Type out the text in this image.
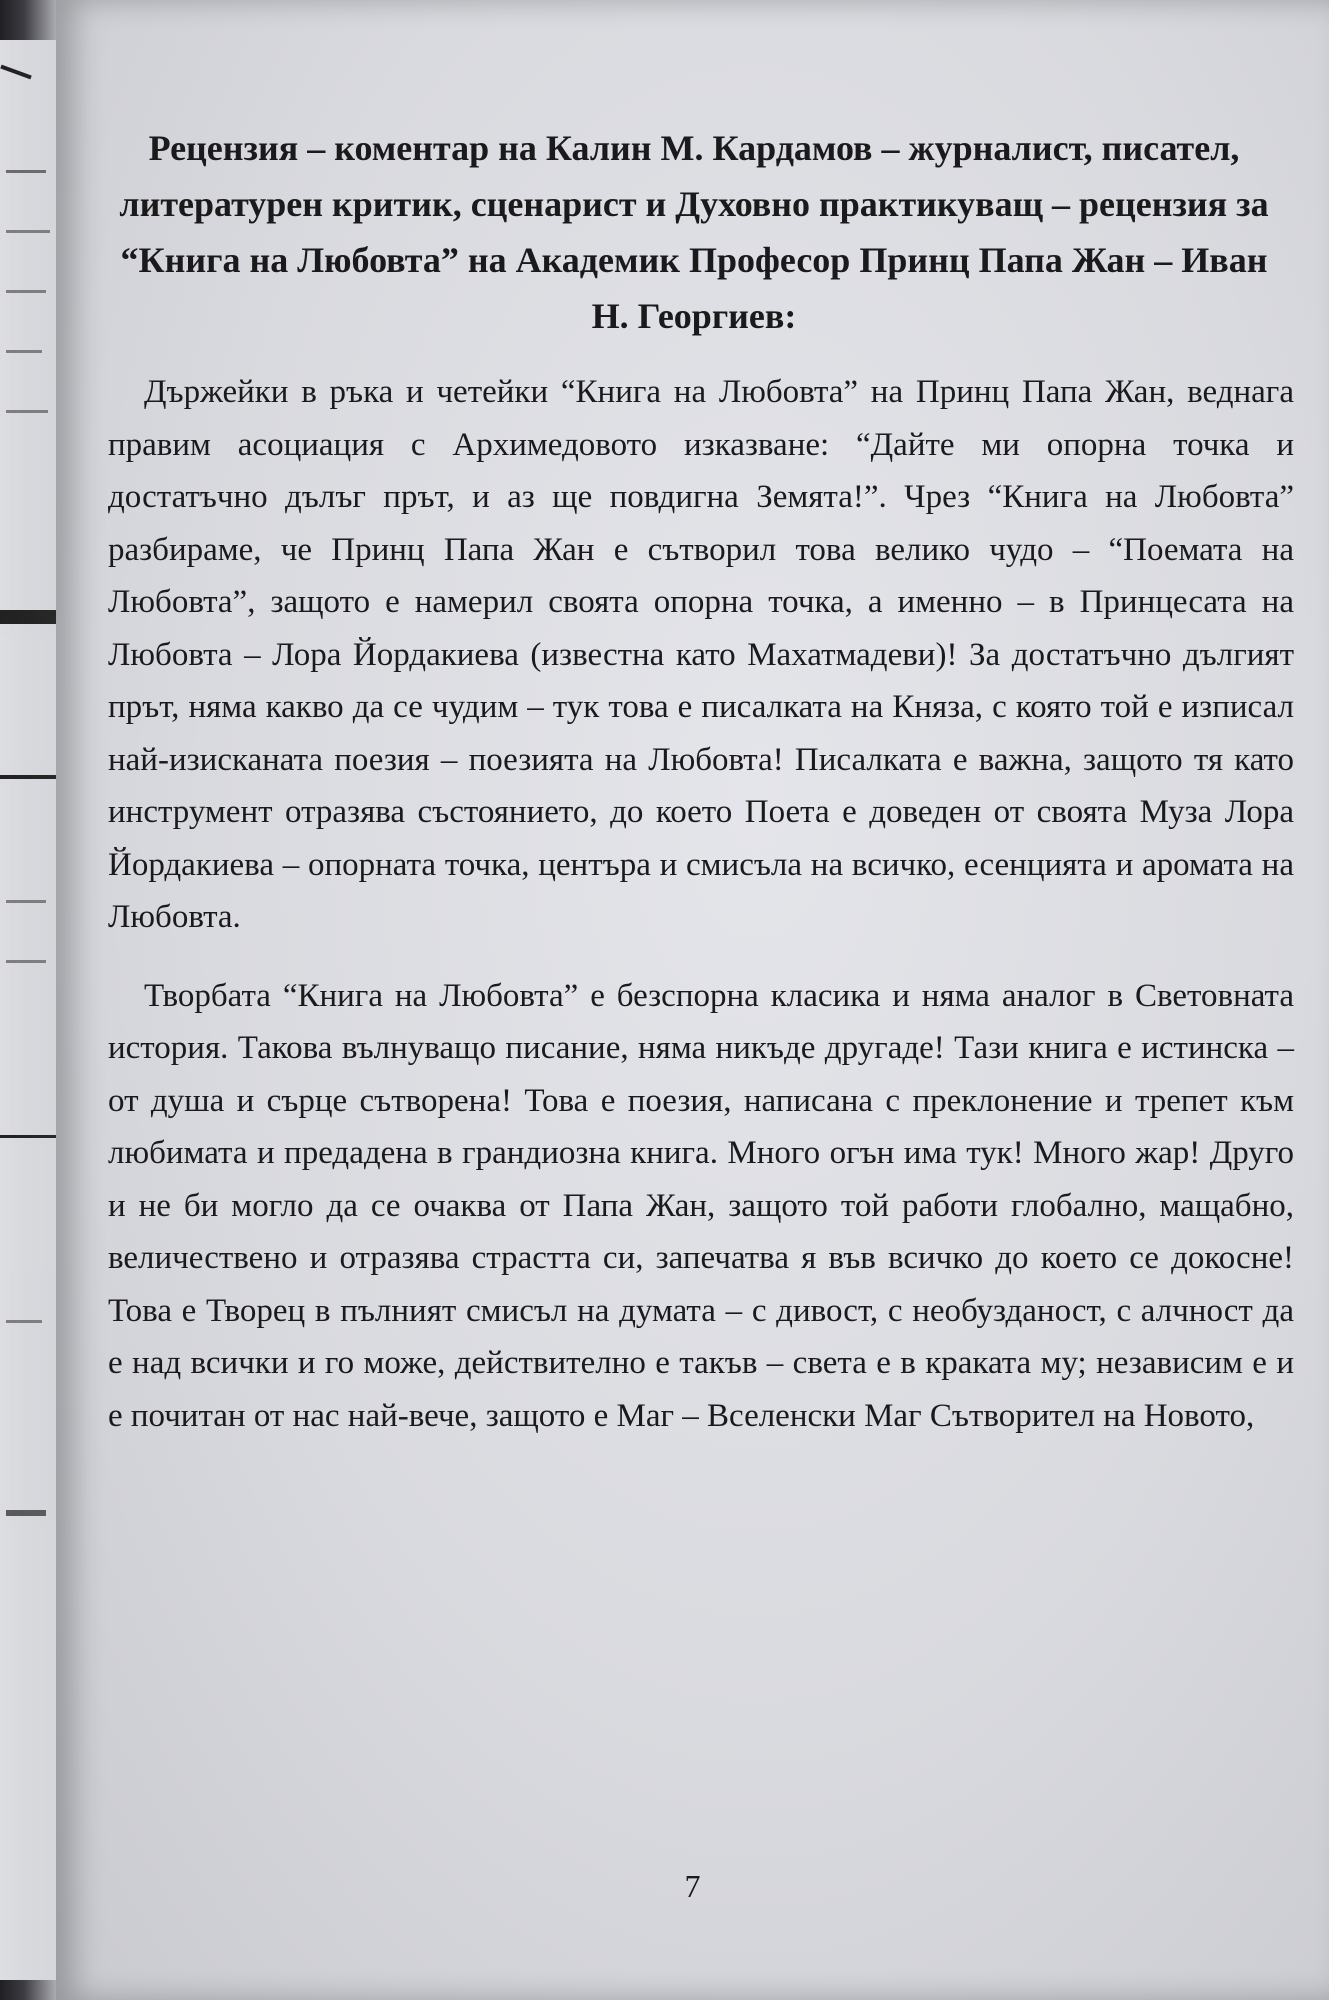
Рецензия – коментар на Калин М. Кардамов – журналист, писател, литературен критик, сценарист и Духовно практикуващ – рецензия за “Книга на Любовта” на Академик Професор Принц Папа Жан – Иван Н. Георгиев:

Държейки в ръка и четейки “Книга на Любовта” на Принц Папа Жан, веднага правим асоциация с Архимедовото изказване: “Дайте ми опорна точка и достатъчно дълъг прът, и аз ще повдигна Земята!”. Чрез “Книга на Любовта” разбираме, че Принц Папа Жан е сътворил това велико чудо – “Поемата на Любовта”, защото е намерил своята опорна точка, а именно – в Принцесата на Любовта – Лора Йордакиева (известна като Махатмадеви)! За достатъчно дългият прът, няма какво да се чудим – тук това е писалката на Княза, с която той е изписал най-изисканата поезия – поезията на Любовта! Писалката е важна, защото тя като инструмент отразява състоянието, до което Поета е доведен от своята Муза Лора Йордакиева – опорната точка, центъра и смисъла на всичко, есенцията и аромата на Любовта.

Творбата “Книга на Любовта” е безспорна класика и няма аналог в Световната история. Такова вълнуващо писание, няма никъде другаде! Тази книга е истинска – от душа и сърце сътворена! Това е поезия, написана с преклонение и трепет към любимата и предадена в грандиозна книга. Много огън има тук! Много жар! Друго и не би могло да се очаква от Папа Жан, защото той работи глобално, мащабно, величествено и отразява страстта си, запечатва я във всичко до което се докосне! Това е Творец в пълният смисъл на думата – с дивост, с необузданост, с алчност да е над всички и го може, действително е такъв – света е в краката му; независим е и е почитан от нас най-вече, защото е Маг – Вселенски Маг Сътворител на Новото,

7
